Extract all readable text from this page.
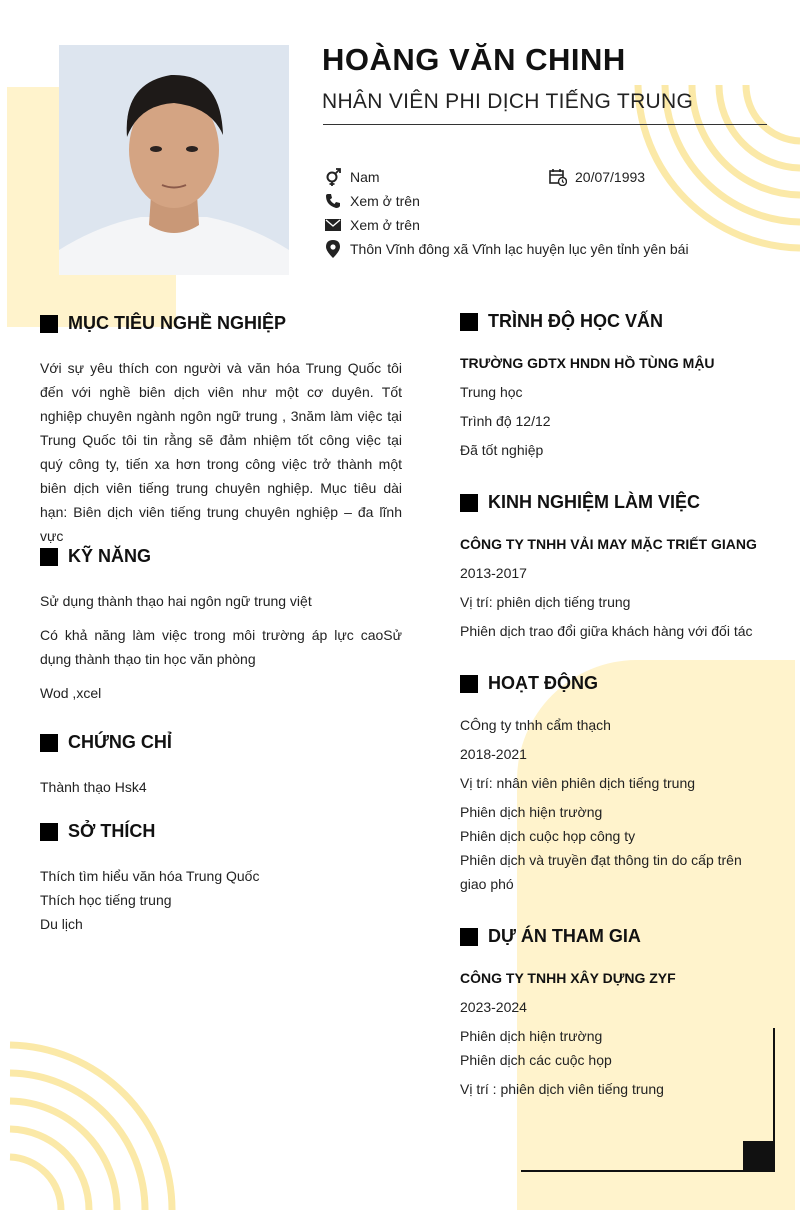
HOÀNG VĂN CHINH
NHÂN VIÊN PHI DỊCH TIẾNG TRUNG
Nam	20/07/1993
Xem ở trên
Xem ở trên
Thôn Vĩnh đông xã Vĩnh lạc huyện lục yên tỉnh yên bái
MỤC TIÊU NGHỀ NGHIỆP

Với sự yêu thích con người và văn hóa Trung Quốc tôi đến với nghề biên dịch viên như một cơ duyên. Tốt nghiệp chuyên ngành ngôn ngữ trung , 3năm làm việc tại Trung Quốc tôi tin rằng sẽ đảm nhiệm tốt công việc tại quý công ty, tiến xa hơn trong công việc trở thành một biên dịch viên tiếng trung chuyên nghiệp. Mục tiêu dài hạn: Biên dịch viên tiếng trung chuyên nghiệp – đa lĩnh vực

KỸ NĂNG

Sử dụng thành thạo hai ngôn ngữ trung việt

Có khả năng làm việc trong môi trường áp lực caoSử dụng thành thạo tin học văn phòng

Wod ,xcel

CHỨNG CHỈ

Thành thạo Hsk4

SỞ THÍCH

Thích tìm hiểu văn hóa Trung Quốc

Thích học tiếng trung

Du lịch

TRÌNH ĐỘ HỌC VẤN

TRƯỜNG GDTX HNDN HỒ TÙNG MẬU

Trung học

Trình độ 12/12

Đã tốt nghiệp

KINH NGHIỆM LÀM VIỆC

CÔNG TY TNHH VẢI MAY MẶC TRIẾT GIANG

2013-2017

Vị trí: phiên dịch tiếng trung

Phiên dịch trao đổi giữa khách hàng với đối tác

HOẠT ĐỘNG

CÔng ty tnhh cẩm thạch

2018-2021

Vị trí: nhân viên phiên dịch tiếng trung

Phiên dịch hiện trường

Phiên dịch cuộc họp công ty

Phiên dịch và truyền đạt thông tin do cấp trên giao phó

DỰ ÁN THAM GIA

CÔNG TY TNHH XÂY DỰNG ZYF

2023-2024

Phiên dịch hiện trường

Phiên dịch các cuộc họp

Vị trí : phiên dịch viên tiếng trung
